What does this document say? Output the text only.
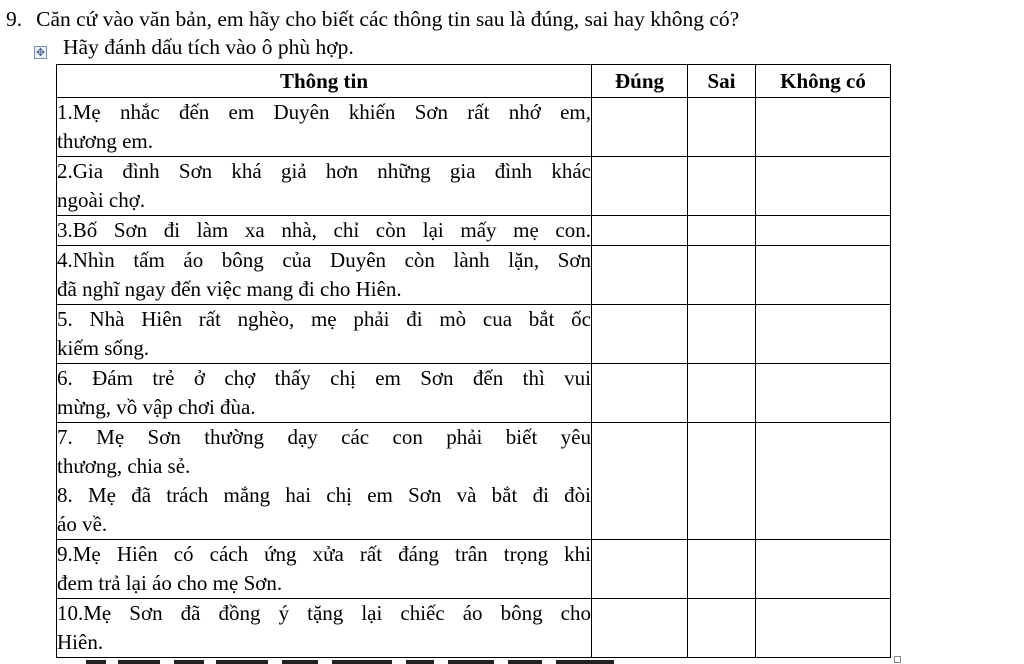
9. Căn cứ vào văn bản, em hãy cho biết các thông tin sau là đúng, sai hay không có?
✥ Hãy đánh dấu tích vào ô phù hợp.
Thông tin	Đúng	Sai	Không có

1.Mẹ nhắc đến em Duyên khiến Sơn rất nhớ em,
thương em.			

2.Gia đình Sơn khá giả hơn những gia đình khác
ngoài chợ.			

3.Bố Sơn đi làm xa nhà, chỉ còn lại mấy mẹ con.			

4.Nhìn tấm áo bông của Duyên còn lành lặn, Sơn
đã nghĩ ngay đến việc mang đi cho Hiên.			

5. Nhà Hiên rất nghèo, mẹ phải đi mò cua bắt ốc
kiếm sống.			

6. Đám trẻ ở chợ thấy chị em Sơn đến thì vui
mừng, vồ vập chơi đùa.			

7. Mẹ Sơn thường dạy các con phải biết yêu
thương, chia sẻ.
8. Mẹ đã trách mắng hai chị em Sơn và bắt đi đòi
áo về.			

9.Mẹ Hiên có cách ứng xửa rất đáng trân trọng khi
đem trả lại áo cho mẹ Sơn.			

10.Mẹ Sơn đã đồng ý tặng lại chiếc áo bông cho
Hiên.			
